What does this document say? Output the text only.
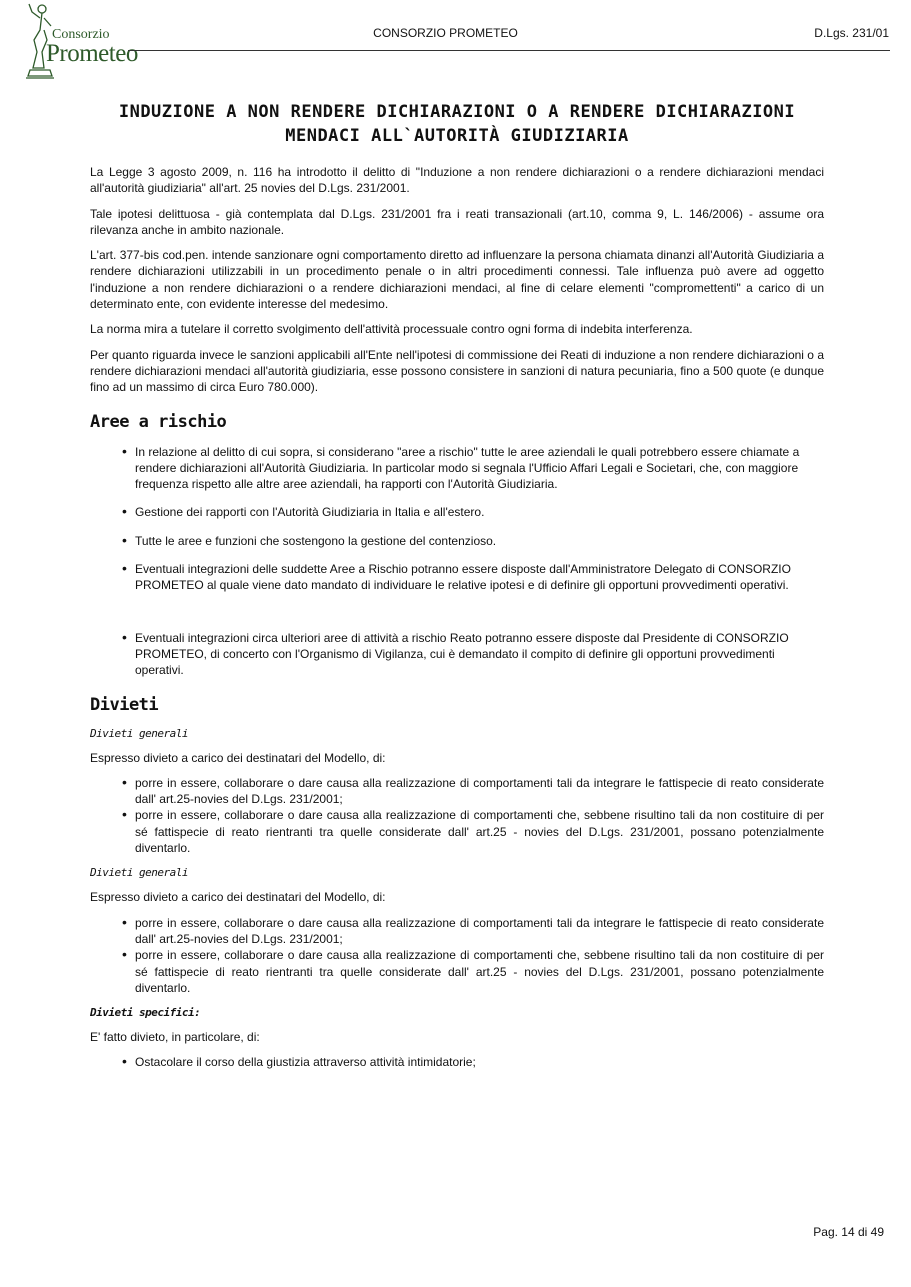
Consorzio
Prometeo
CONSORZIO PROMETEO	D.Lgs. 231/01
INDUZIONE A NON RENDERE DICHIARAZIONI O A RENDERE DICHIARAZIONI MENDACI ALL`AUTORITÀ GIUDIZIARIA

La Legge 3 agosto 2009, n. 116 ha introdotto il delitto di "Induzione a non rendere dichiarazioni o a rendere dichiarazioni mendaci all'autorità giudiziaria" all'art. 25 novies del D.Lgs. 231/2001.

Tale ipotesi delittuosa - già contemplata dal D.Lgs. 231/2001 fra i reati transazionali (art.10, comma 9, L. 146/2006) - assume ora rilevanza anche in ambito nazionale.

L'art. 377-bis cod.pen. intende sanzionare ogni comportamento diretto ad influenzare la persona chiamata dinanzi all'Autorità Giudiziaria a rendere dichiarazioni utilizzabili in un procedimento penale o in altri procedimenti connessi. Tale influenza può avere ad oggetto l'induzione a non rendere dichiarazioni o a rendere dichiarazioni mendaci, al fine di celare elementi "compromettenti" a carico di un determinato ente, con evidente interesse del medesimo.

La norma mira a tutelare il corretto svolgimento dell'attività processuale contro ogni forma di indebita interferenza.

Per quanto riguarda invece le sanzioni applicabili all'Ente nell'ipotesi di commissione dei Reati di induzione a non rendere dichiarazioni o a rendere dichiarazioni mendaci all'autorità giudiziaria, esse possono consistere in sanzioni di natura pecuniaria, fino a 500 quote (e dunque fino ad un massimo di circa Euro 780.000).

Aree a rischio
• In relazione al delitto di cui sopra, si considerano "aree a rischio" tutte le aree aziendali le quali potrebbero essere chiamate a rendere dichiarazioni all'Autorità Giudiziaria. In particolar modo si segnala l'Ufficio Affari Legali e Societari, che, con maggiore frequenza rispetto alle altre aree aziendali, ha rapporti con l'Autorità Giudiziaria.
• Gestione dei rapporti con l'Autorità Giudiziaria in Italia e all'estero.
• Tutte le aree e funzioni che sostengono la gestione del contenzioso.
• Eventuali integrazioni delle suddette Aree a Rischio potranno essere disposte dall'Amministratore Delegato di CONSORZIO PROMETEO al quale viene dato mandato di individuare le relative ipotesi e di definire gli opportuni provvedimenti operativi.
• Eventuali integrazioni circa ulteriori aree di attività a rischio Reato potranno essere disposte dal Presidente di CONSORZIO PROMETEO, di concerto con l'Organismo di Vigilanza, cui è demandato il compito di definire gli opportuni provvedimenti operativi.
Divieti
Divieti generali

Espresso divieto a carico dei destinatari del Modello, di:

• porre in essere, collaborare o dare causa alla realizzazione di comportamenti tali da integrare le fattispecie di reato considerate dall' art.25-novies del D.Lgs. 231/2001;
• porre in essere, collaborare o dare causa alla realizzazione di comportamenti che, sebbene risultino tali da non costituire di per sé fattispecie di reato rientranti tra quelle considerate dall' art.25 - novies del D.Lgs. 231/2001, possano potenzialmente diventarlo.
Divieti generali

Espresso divieto a carico dei destinatari del Modello, di:

• porre in essere, collaborare o dare causa alla realizzazione di comportamenti tali da integrare le fattispecie di reato considerate dall' art.25-novies del D.Lgs. 231/2001;
• porre in essere, collaborare o dare causa alla realizzazione di comportamenti che, sebbene risultino tali da non costituire di per sé fattispecie di reato rientranti tra quelle considerate dall' art.25 - novies del D.Lgs. 231/2001, possano potenzialmente diventarlo.
Divieti specifici:

E' fatto divieto, in particolare, di:

• Ostacolare il corso della giustizia attraverso attività intimidatorie;
Pag. 14 di 49
